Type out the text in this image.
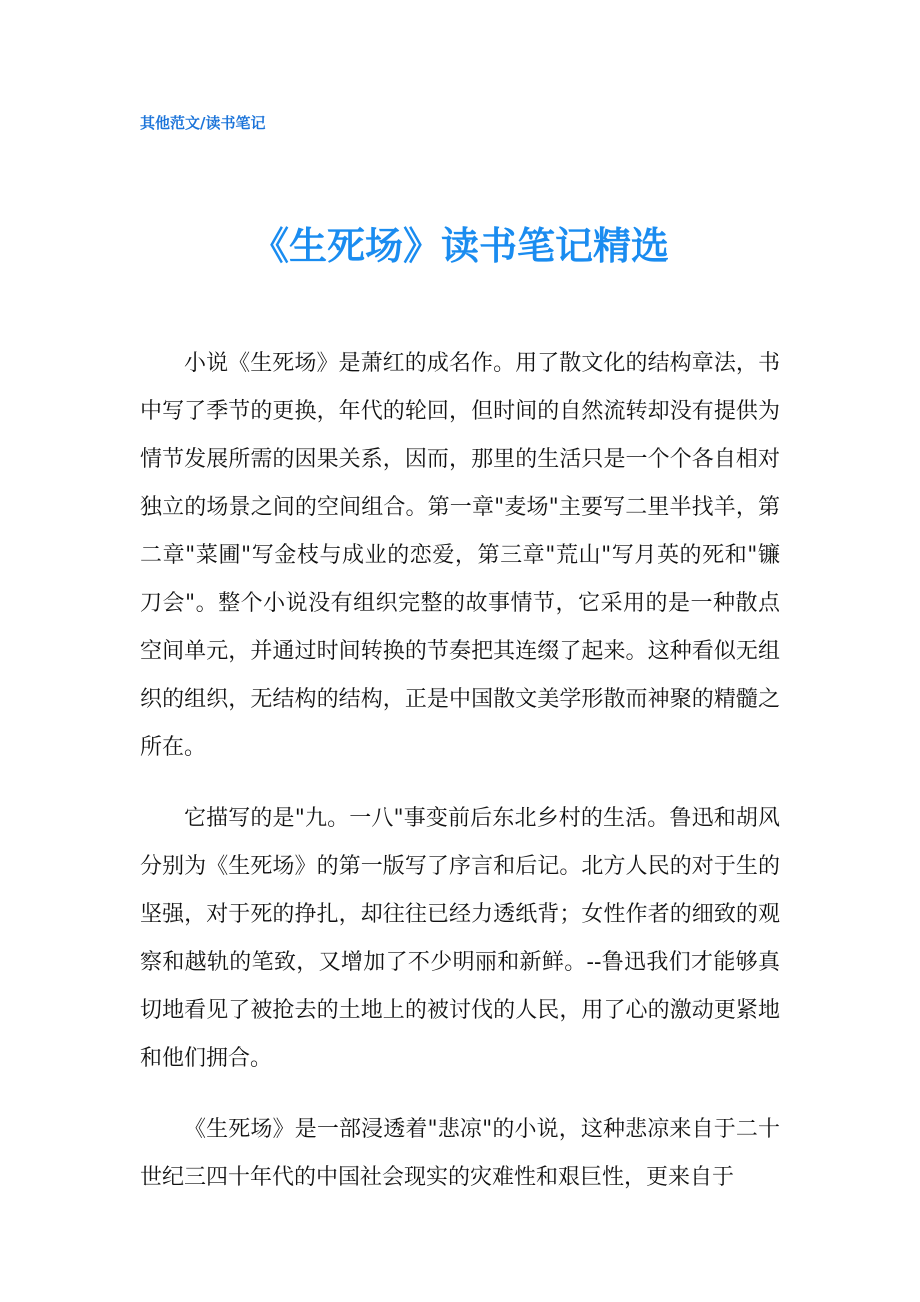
其他范文/读书笔记
《生死场》读书笔记精选

小说《生死场》是萧红的成名作。用了散文化的结构章法，书中写了季节的更换，年代的轮回，但时间的自然流转却没有提供为情节发展所需的因果关系，因而，那里的生活只是一个个各自相对独立的场景之间的空间组合。第一章"麦场"主要写二里半找羊，第二章"菜圃"写金枝与成业的恋爱，第三章"荒山"写月英的死和"镰刀会"。整个小说没有组织完整的故事情节，它采用的是一种散点空间单元，并通过时间转换的节奏把其连缀了起来。这种看似无组织的组织，无结构的结构，正是中国散文美学形散而神聚的精髓之所在。

它描写的是"九。一八"事变前后东北乡村的生活。鲁迅和胡风分别为《生死场》的第一版写了序言和后记。北方人民的对于生的坚强，对于死的挣扎，却往往已经力透纸背；女性作者的细致的观察和越轨的笔致，又增加了不少明丽和新鲜。--鲁迅我们才能够真切地看见了被抢去的土地上的被讨伐的人民，用了心的激动更紧地和他们拥合。

《生死场》是一部浸透着"悲凉"的小说，这种悲凉来自于二十世纪三四十年代的中国社会现实的灾难性和艰巨性，更来自于
